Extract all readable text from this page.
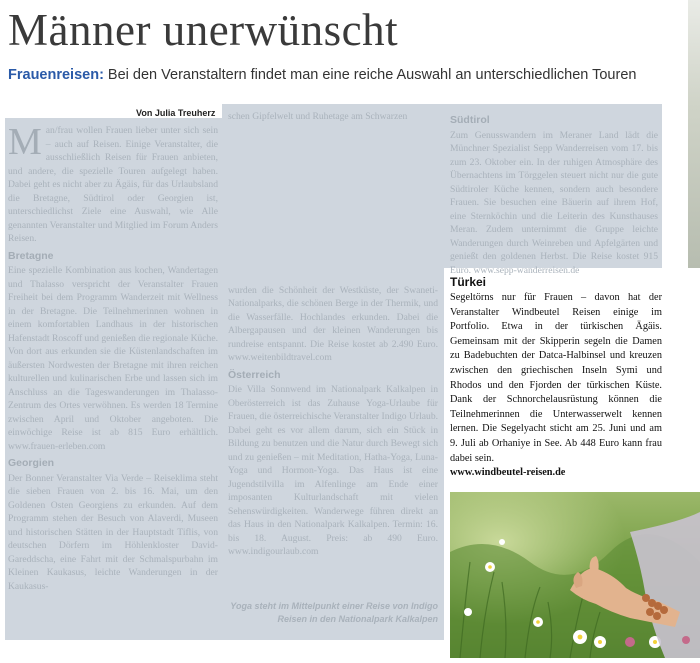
Männer unerwünscht
Frauenreisen: Bei den Veranstaltern findet man eine reiche Auswahl an unterschiedlichen Touren
Von Julia Treuherz

Man/frau wollen Frauen lieber unter sich sein – auch auf Reisen. Einige Veranstalter, die ausschließlich Reisen für Frauen anbieten, und andere, die spezielle Touren aufgelegt haben. Dabei geht es nicht aber zu Ägäis, für das Urlaubsland die Bretagne, Südtirol oder Georgien ist, unterschiedlichst Ziele eine Auswahl, wie Alle genannten Veranstalter und Mitglied im Forum Anders Reisen.

Bretagne

Eine spezielle Kombination aus kochen, Wandertagen und Thalasso verspricht der Veranstalter Frauen Freiheit bei dem Programm Wanderzeit mit Wellness in der Bretagne. Die Teilnehmerinnen wohnen in einem komfortablen Landhaus in der historischen Hafenstadt Roscoff und genießen die regionale Küche. Von dort aus erkunden sie die Küstenlandschaften im äußersten Nordwesten der Bretagne mit ihren reichen kulturellen und kulinarischen Erbe und lassen sich im Anschluss an die Tageswanderungen im Thalasso-Zentrum des Ortes verwöhnen. Es werden 18 Termine zwischen April und Oktober angeboten. Die einwöchige Reise ist ab 815 Euro erhältlich. www.frauen-erleben.com

Georgien

Der Bonner Veranstalter Via Verde – Reiseklima steht die sieben Frauen von 2. bis 16. Mai, um den Goldenen Osten Georgiens zu erkunden. Auf dem Programm stehen der Besuch von Alaverdi, Museen und historischen Stätten in der Hauptstadt Tiflis, von deutschen Dörfern im Höhlenkloster David-Gareddscha, eine Fahrt mit der Schmalspurbahn im Kleinen Kaukasus, leichte Wanderungen in der Kaukasus-

schen Gipfelwelt und Ruhetage am Schwarzen

wurden die Schönheit der Westküste, der Swaneti-Nationalparks, die schönen Berge in der Thermik, und die Wasserfälle. Hochlandes erkunden. Dabei die Albergapausen und der kleinen Wanderungen bis rundreise entspannt. Die Reise kostet ab 2.490 Euro. www.weitenbildtravel.com

Österreich

Die Villa Sonnwend im Nationalpark Kalkalpen in Oberösterreich ist das Zuhause Yoga-Urlaube für Frauen, die österreichische Veranstalter Indigo Urlaub. Dabei geht es vor allem darum, sich ein Stück in Bildung zu benutzen und die Natur durch Bewegt sich und zu genießen – mit Meditation, Hatha-Yoga, Luna-Yoga und Hormon-Yoga. Das Haus ist eine Jugendstilvilla im Alfenlinge am Ende einer imposanten Kulturlandschaft mit vielen Sehenswürdigkeiten. Wanderwege führen direkt an das Haus in den Nationalpark Kalkalpen. Termin: 16. bis 18. August. Preis: ab 490 Euro. www.indigourlaub.com

Yoga steht im Mittelpunkt einer Reise von Indigo Reisen in den Nationalpark Kalkalpen
Südtirol

Zum Genusswandern im Meraner Land lädt die Münchner Spezialist Sepp Wanderreisen vom 17. bis zum 23. Oktober ein. In der ruhigen Atmosphäre des Übernachtens im Törggelen steuert nicht nur die gute Südtiroler Küche kennen, sondern auch besondere Frauen. Sie besuchen eine Bäuerin auf ihrem Hof, eine Sternköchin und die Leiterin des Kunsthauses Meran. Zudem unternimmt die Gruppe leichte Wanderungen durch Weinreben und Apfelgärten und genießt den goldenen Herbst. Die Reise kostet 915 Euro. www.sepp-wanderreisen.de

Türkei

Segeltörns nur für Frauen – davon hat der Veranstalter Windbeutel Reisen einige im Portfolio. Etwa in der türkischen Ägäis. Gemeinsam mit der Skipperin segeln die Damen zu Badebuchten der Datca-Halbinsel und kreuzen zwischen den griechischen Inseln Symi und Rhodos und den Fjorden der türkischen Küste. Dank der Schnorchelausrüstung können die Teilnehmerinnen die Unterwasserwelt kennen lernen. Die Segelyacht sticht am 25. Juni und am 9. Juli ab Orhaniye in See. Ab 448 Euro kann frau dabei sein.
www.windbeutel-reisen.de
